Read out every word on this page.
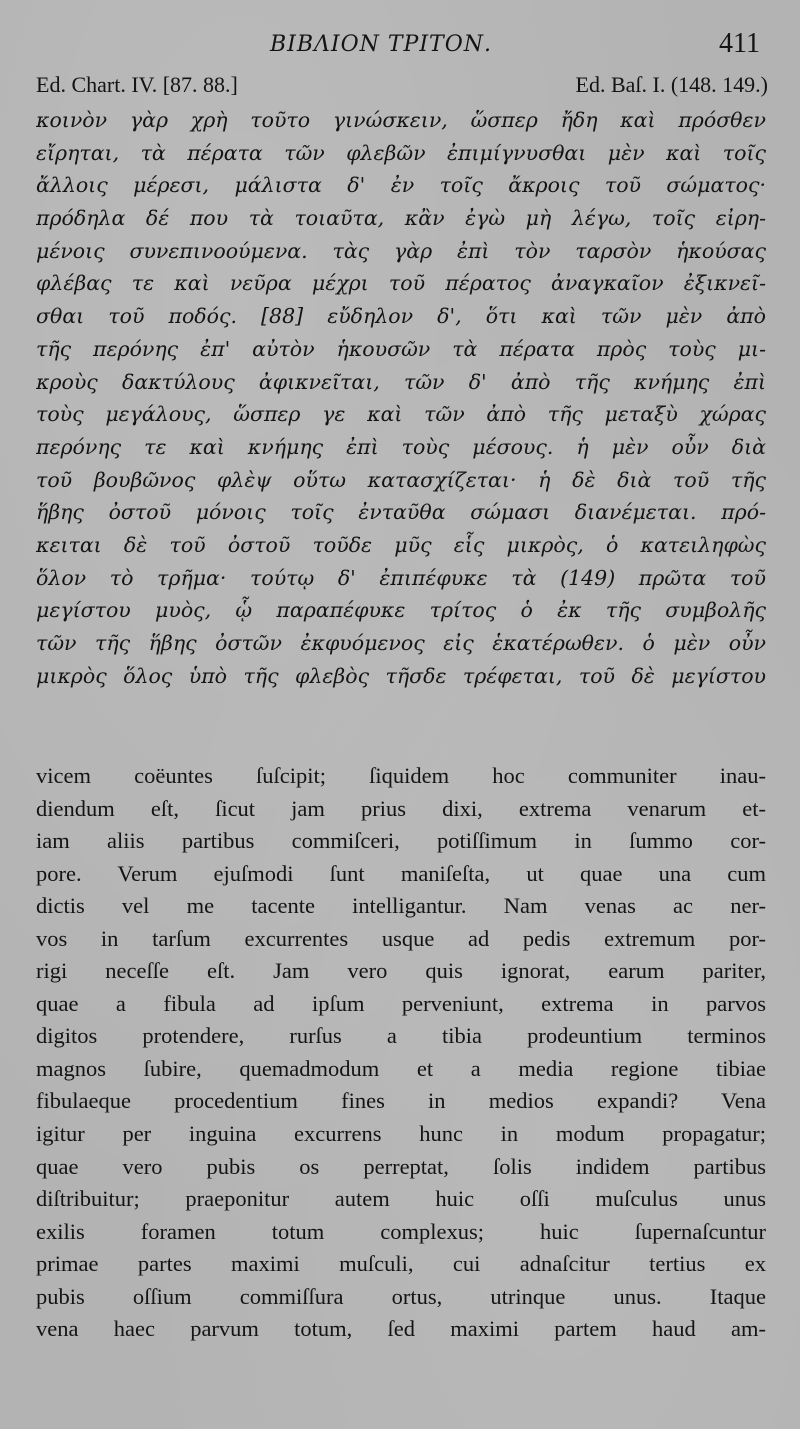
ΒΙΒΛΙΟΝ ΤΡΙΤΟΝ.	411
Ed. Chart. IV. [87. 88.]	Ed. Baſ. I. (148. 149.)
κοινὸν γὰρ χρὴ τοῦτο γινώσκειν, ὥσπερ ἤδη καὶ πρόσθεν
εἴρηται, τὰ πέρατα τῶν φλεβῶν ἐπιμίγνυσθαι μὲν καὶ τοῖς
ἄλλοις μέρεσι, μάλιστα δ' ἐν τοῖς ἄκροις τοῦ σώματος·
πρόδηλα δέ που τὰ τοιαῦτα, κἂν ἐγὼ μὴ λέγω, τοῖς εἰρη-
μένοις συνεπινοούμενα. τὰς γὰρ ἐπὶ τὸν ταρσὸν ἡκούσας
φλέβας τε καὶ νεῦρα μέχρι τοῦ πέρατος ἀναγκαῖον ἐξικνεῖ-
σθαι τοῦ ποδός. [88] εὔδηλον δ', ὅτι καὶ τῶν μὲν ἀπὸ
τῆς περόνης ἐπ' αὐτὸν ἡκουσῶν τὰ πέρατα πρὸς τοὺς μι-
κροὺς δακτύλους ἀφικνεῖται, τῶν δ' ἀπὸ τῆς κνήμης ἐπὶ
τοὺς μεγάλους, ὥσπερ γε καὶ τῶν ἀπὸ τῆς μεταξὺ χώρας
περόνης τε καὶ κνήμης ἐπὶ τοὺς μέσους. ἡ μὲν οὖν διὰ
τοῦ βουβῶνος φλὲψ οὕτω κατασχίζεται· ἡ δὲ διὰ τοῦ τῆς
ἥβης ὀστοῦ μόνοις τοῖς ἐνταῦθα σώμασι διανέμεται. πρό-
κειται δὲ τοῦ ὀστοῦ τοῦδε μῦς εἷς μικρὸς, ὁ κατειληφὼς
ὅλον τὸ τρῆμα· τούτῳ δ' ἐπιπέφυκε τὰ (149) πρῶτα τοῦ
μεγίστου μυὸς, ᾧ παραπέφυκε τρίτος ὁ ἐκ τῆς συμβολῆς
τῶν τῆς ἥβης ὀστῶν ἐκφυόμενος εἰς ἑκατέρωθεν. ὁ μὲν οὖν
μικρὸς ὅλος ὑπὸ τῆς φλεβὸς τῆσδε τρέφεται, τοῦ δὲ μεγίστου
vicem coëuntes ſuſcipit; ſiquidem hoc communiter inau-
diendum eſt, ſicut jam prius dixi, extrema venarum et-
iam aliis partibus commiſceri, potiſſimum in ſummo cor-
pore. Verum ejuſmodi ſunt maniſeſta, ut quae una cum
dictis vel me tacente intelligantur. Nam venas ac ner-
vos in tarſum excurrentes usque ad pedis extremum por-
rigi neceſſe eſt. Jam vero quis ignorat, earum pariter,
quae a fibula ad ipſum perveniunt, extrema in parvos
digitos protendere, rurſus a tibia prodeuntium terminos
magnos ſubire, quemadmodum et a media regione tibiae
fibulaeque procedentium fines in medios expandi? Vena
igitur per inguina excurrens hunc in modum propagatur;
quae vero pubis os perreptat, ſolis indidem partibus
diſtribuitur; praeponitur autem huic oſſi muſculus unus
exilis foramen totum complexus; huic ſupernaſcuntur
primae partes maximi muſculi, cui adnaſcitur tertius ex
pubis oſſium commiſſura ortus, utrinque unus. Itaque
vena haec parvum totum, ſed maximi partem haud am-
